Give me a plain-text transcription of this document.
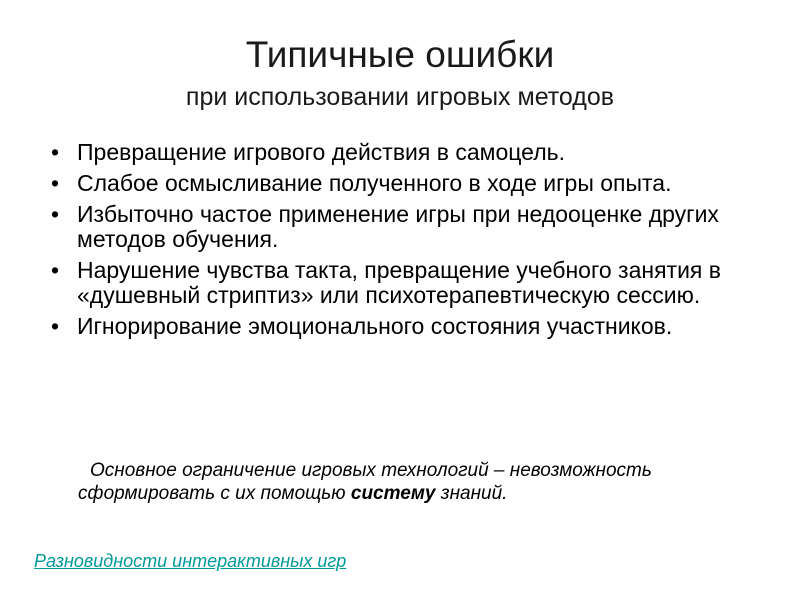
Типичные ошибки
при использовании игровых методов
• Превращение игрового действия в самоцель.
• Слабое осмысливание полученного в ходе игры опыта.
• Избыточно частое применение игры при недооценке других методов обучения.
• Нарушение чувства такта, превращение учебного занятия в «душевный стриптиз» или психотерапевтическую сессию.
• Игнорирование эмоционального состояния участников.
Основное ограничение игровых технологий – невозможность сформировать с их помощью систему знаний.
Разновидности интерактивных игр
